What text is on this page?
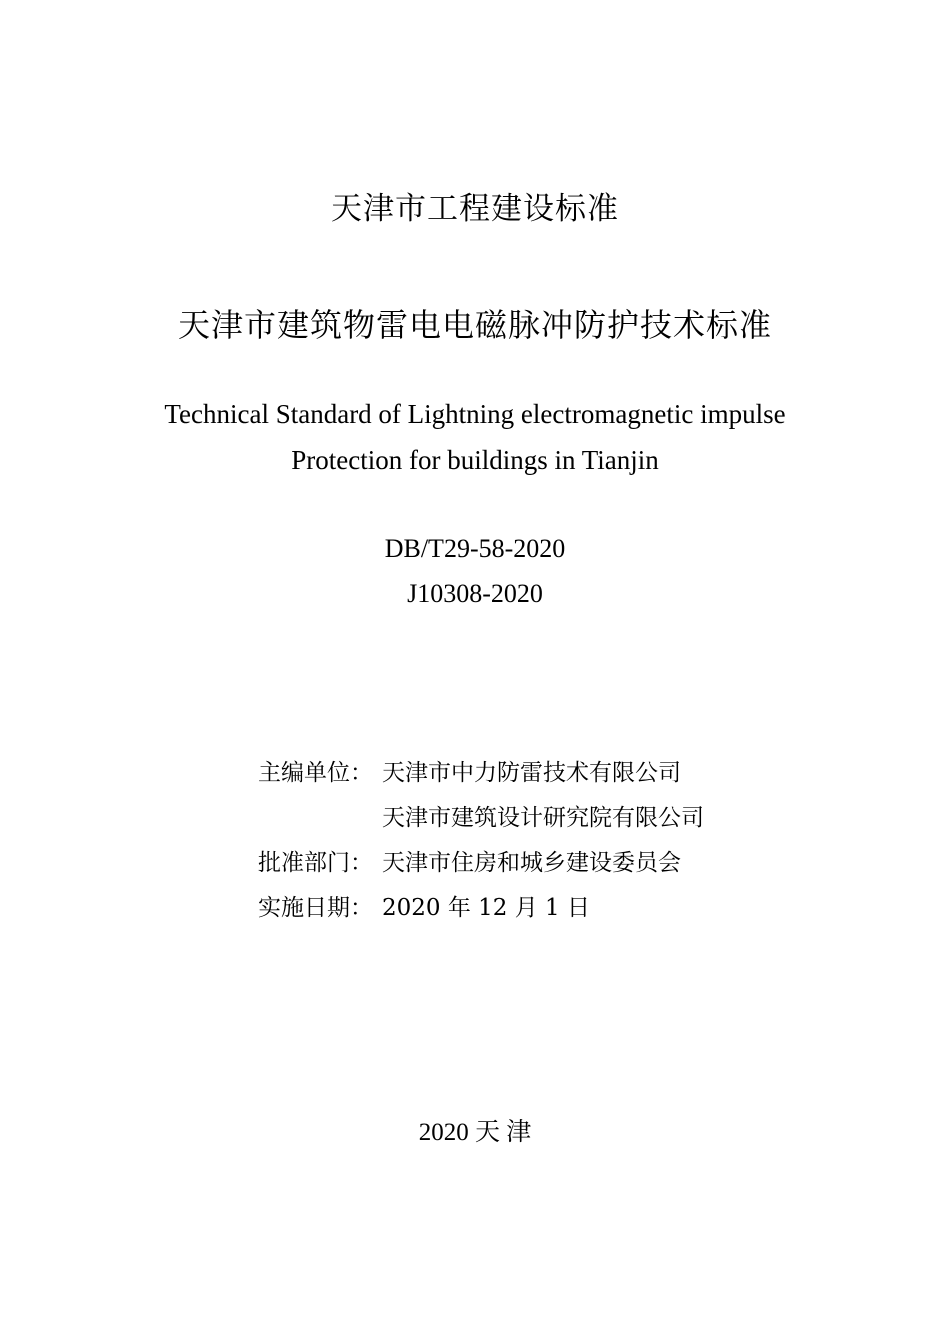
天津市工程建设标准
天津市建筑物雷电电磁脉冲防护技术标准
Technical Standard of Lightning electromagnetic impulse
Protection for buildings in Tianjin
DB/T29-58-2020
J10308-2020
主编单位： 天津市中力防雷技术有限公司
天津市建筑设计研究院有限公司
批准部门： 天津市住房和城乡建设委员会
实施日期： 2020 年 12 月 1 日
2020 天 津
